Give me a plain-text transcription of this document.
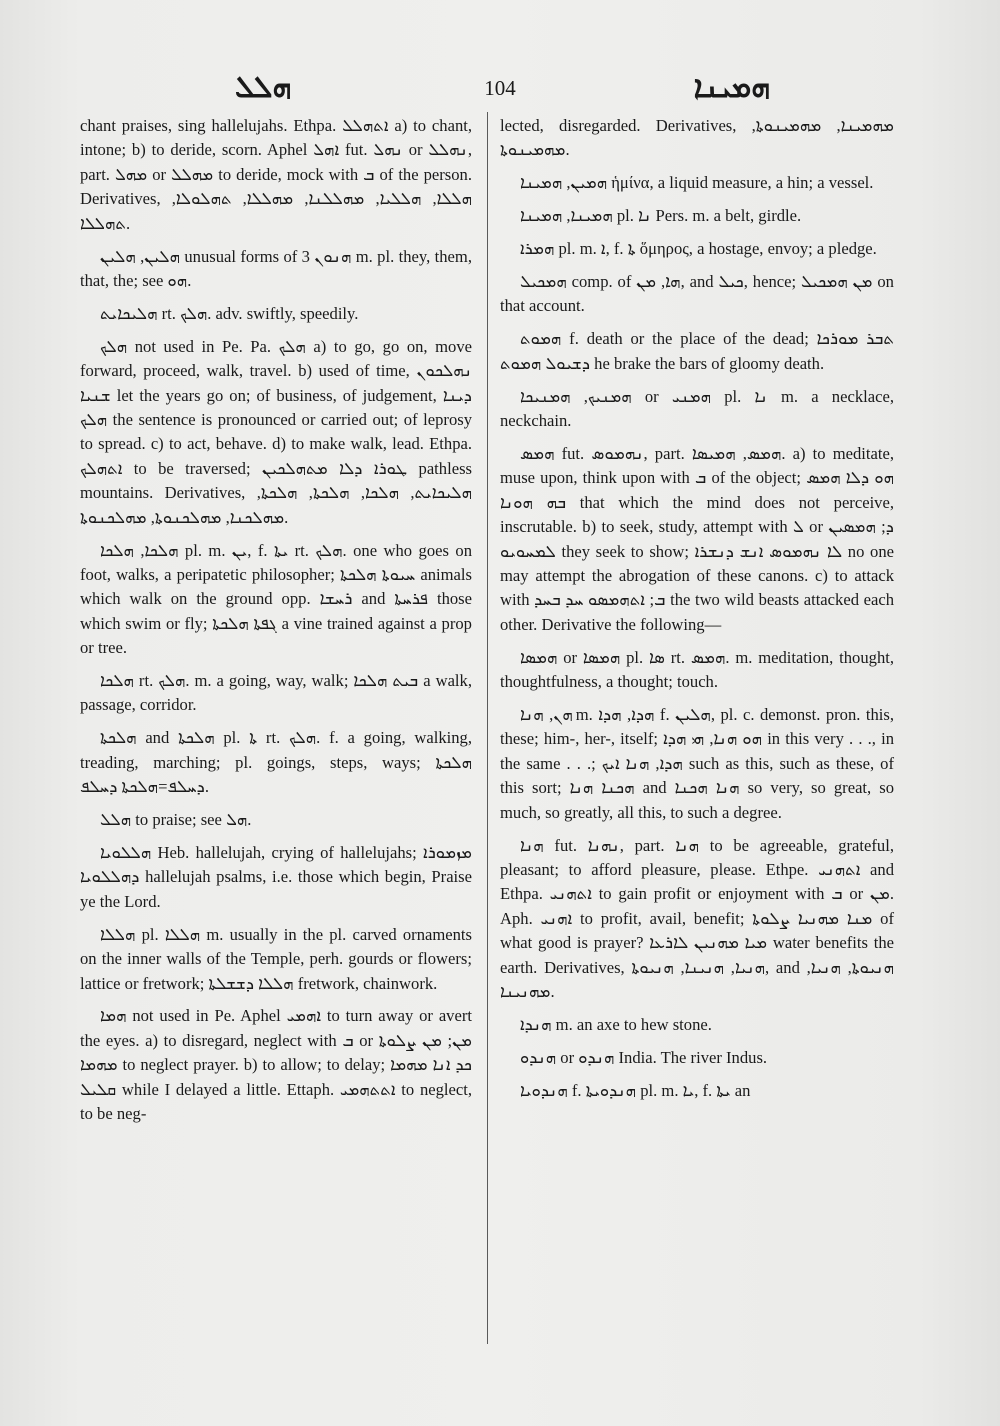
ܗܠܠ	104	ܗܡܝܢܐ

chant praises, sing hallelujahs. Ethpa. ܐܬܗܠܠ a) to chant, intone; b) to deride, scorn. Aphel ܐܗܠ fut. ܢܗܠ or ܢܗܠܠ, part. ܡܗܠ or ܡܗܠܠ to deride, mock with ܒ of the person. Derivatives, ܗܠܠܐ, ܗܠܠܝܐ, ܡܗܠܠܢܐ, ܡܗܠܠܐ, ܬܗܠܘܠܐ, ܬܗܠܠܐ.

ܗܠܝܢ, ܗܠܝܢ unusual forms of ܗܢܘܢ 3 m. pl. they, them, that, the; see ܗܘ.

ܗܠܝܟܐܝܬ rt. ܗܠܟ. adv. swiftly, speedily.

ܗܠܟ not used in Pe. Pa. ܗܠܟ a) to go, go on, move forward, proceed, walk, travel. b) used of time, ܢܗܠܟܘܢ ܫܢܝܐ let the years go on; of business, of judgement, ܕܝܢܐ ܗܠܟ the sentence is pronounced or carried out; of leprosy to spread. c) to act, behave. d) to make walk, lead. Ethpa. ܐܬܗܠܟ to be traversed; ܛܘܪܐ ܕܠܐ ܡܬܗܠܟܝܢ pathless mountains. Derivatives, ܗܠܝܟܐܝܬ, ܗܠܟܐ, ܗܠܟܬܐ, ܗܠܟܬܐ, ܡܗܠܟܢܐ, ܡܗܠܟܢܘܬܐ, ܡܗܠܟܢܘܬܐ.

ܗܠܟܐ, ܗܠܟܐ pl. m. ܝܢ, f. ܝܬܐ rt. ܗܠܟ. one who goes on foot, walks, a peripatetic philosopher; ܚܝܘܬܐ ܗܠܟܬܐ animals which walk on the ground opp. ܪܚܫܐ and ܦܪܚܬܐ those which swim or fly; ܓܦܬܐ ܗܠܟܬܐ a vine trained against a prop or tree.

ܗܠܟܐ rt. ܗܠܟ. m. a going, way, walk; ܒܝܬ ܗܠܟܐ a walk, passage, corridor.

ܗܠܟܬܐ and ܗܠܟܬܐ pl. ܬܐ rt. ܗܠܟ. f. a going, walking, treading, marching; pl. goings, steps, ways; ܗܠܟܬܐ ܕܚܠܦ=ܗܠܟܬܐ ܕܚܠܦ.

ܗܠܠ to praise; see ܗܠ.

ܗܠܠܘܝܐ Heb. hallelujah, crying of hallelujahs; ܡܙܡܘܪܐ ܕܗܠܠܘܝܐ hallelujah psalms, i.e. those which begin, Praise ye the Lord.

ܗܠܠܐ pl. ܗܠܠܐ m. usually in the pl. carved ornaments on the inner walls of the Temple, perh. gourds or flowers; lattice or fretwork; ܗܠܠܐ ܕܫܫܠܬܐ fretwork, chainwork.

ܗܡܐ not used in Pe. Aphel ܐܗܡܝ to turn away or avert the eyes. a) to disregard, neglect with ܒ or ܡܢ; ܡܢ ܨܠܘܬܐ ܡܗܡܐ to neglect prayer. b) to allow; to delay; ܟܕ ܐܢܐ ܡܗܡܐ ܩܠܝܠ while I delayed a little. Ettaph. ܐܬܬܗܡܝ to neglect, to be neg-

lected, disregarded. Derivatives, ܡܗܡܝܢܐ, ܡܗܡܝܢܘܬܐ, ܡܗܡܝܢܘܬܐ.

ܗܡܝܢ, ܗܡܝܢܐ ἡμίνα, a liquid measure, a hin; a vessel.

ܗܡܝܢܐ, ܗܡܝܢܐ pl. ܢܐ Pers. m. a belt, girdle.

ܗܡܪܐ pl. m. ܐ, f. ܬܐ ὅμηρος, a hostage, envoy; a pledge.

ܗܡܟܝܠ comp. of ܗܐ, ܡܢ, and ܟܝܠ, hence; ܡܢ ܗܡܟܝܠ on that account.

ܗܡܘܬ f. death or the place of the dead; ܬܒܪ ܡܘܪܟܐ ܕܫܝܘܠ ܗܡܘܬ he brake the bars of gloomy death.

ܗܡܢܝܟ, ܗܡܢܝܟܐ or ܗܡܢܝ pl. ܢܐ m. a necklace, neckchain.

ܗܡܣ fut. ܢܗܡܘܣ, part. ܗܡܣ, ܗܡܝܣܐ. a) to meditate, muse upon, think upon with ܒ of the object; ܗܘ ܕܠܐ ܗܡܣ ܒܗ ܗܘܢܐ that which the mind does not perceive, inscrutable. b) to seek, study, attempt with ܠ or ܕ; ܗܡܣܝܢ ܠܡܚܘܝܘ they seek to show; ܠܐ ܢܗܡܘܣ ܐܢܫ ܕܢܫܪܐ no one may attempt the abrogation of these canons. c) to attack with ܒ; ܐܬܗܡܣܘ ܚܕ ܒܚܕ the two wild beasts attacked each other. Derivative the following—

ܗܡܣܐ or ܗܡܣܐ pl. ܣܐ rt. ܗܡܣ. m. meditation, thought, thoughtfulness, a thought; touch.

ܗܢ, ܗܢܐ m. ܗܕܐ, ܗܕܐ f. ܗܠܝܢ, pl. c. demonst. pron. this, these; him-, her-, itself; ܗܘ ܗܢܐ, ܗܝ ܗܕܐ in this very . . ., in the same . . .; ܗܕܐ, ܗܢܐ ܐܝܟ such as this, such as these, of this sort; ܗܟܢܐ ܗܢܐ and ܗܢܐ ܗܟܢܐ so very, so great, so much, so greatly, all this, to such a degree.

ܗܢܐ fut. ܢܗܢܐ, part. ܗܢܐ to be agreeable, grateful, pleasant; to afford pleasure, please. Ethpe. ܐܬܗܢܝ and Ethpa. ܐܬܗܢܝ to gain profit or enjoyment with ܒ or ܡܢ. Aph. ܐܗܢܝ to profit, avail, benefit; ܡܢܐ ܡܗܢܝܐ ܨܠܘܬܐ of what good is prayer? ܡܝܐ ܡܗܢܝܢ ܠܐܪܥܐ water benefits the earth. Derivatives, ܗܢܝܐ, ܗܢܝܢܐ, ܗܢܝܘܬܐ, and ܗܢܝܘܬܐ, ܗܢܝܐ, ܡܗܢܝܢܐ.

ܗܢܕܐ m. an axe to hew stone.

ܗܢܕܘ or ܗܢܕܘ India. The river Indus.

ܗܢܕܘܝܐ f. ܗܢܕܘܝܬܐ pl. m. ܝܐ, f. ܝܬܐ an
